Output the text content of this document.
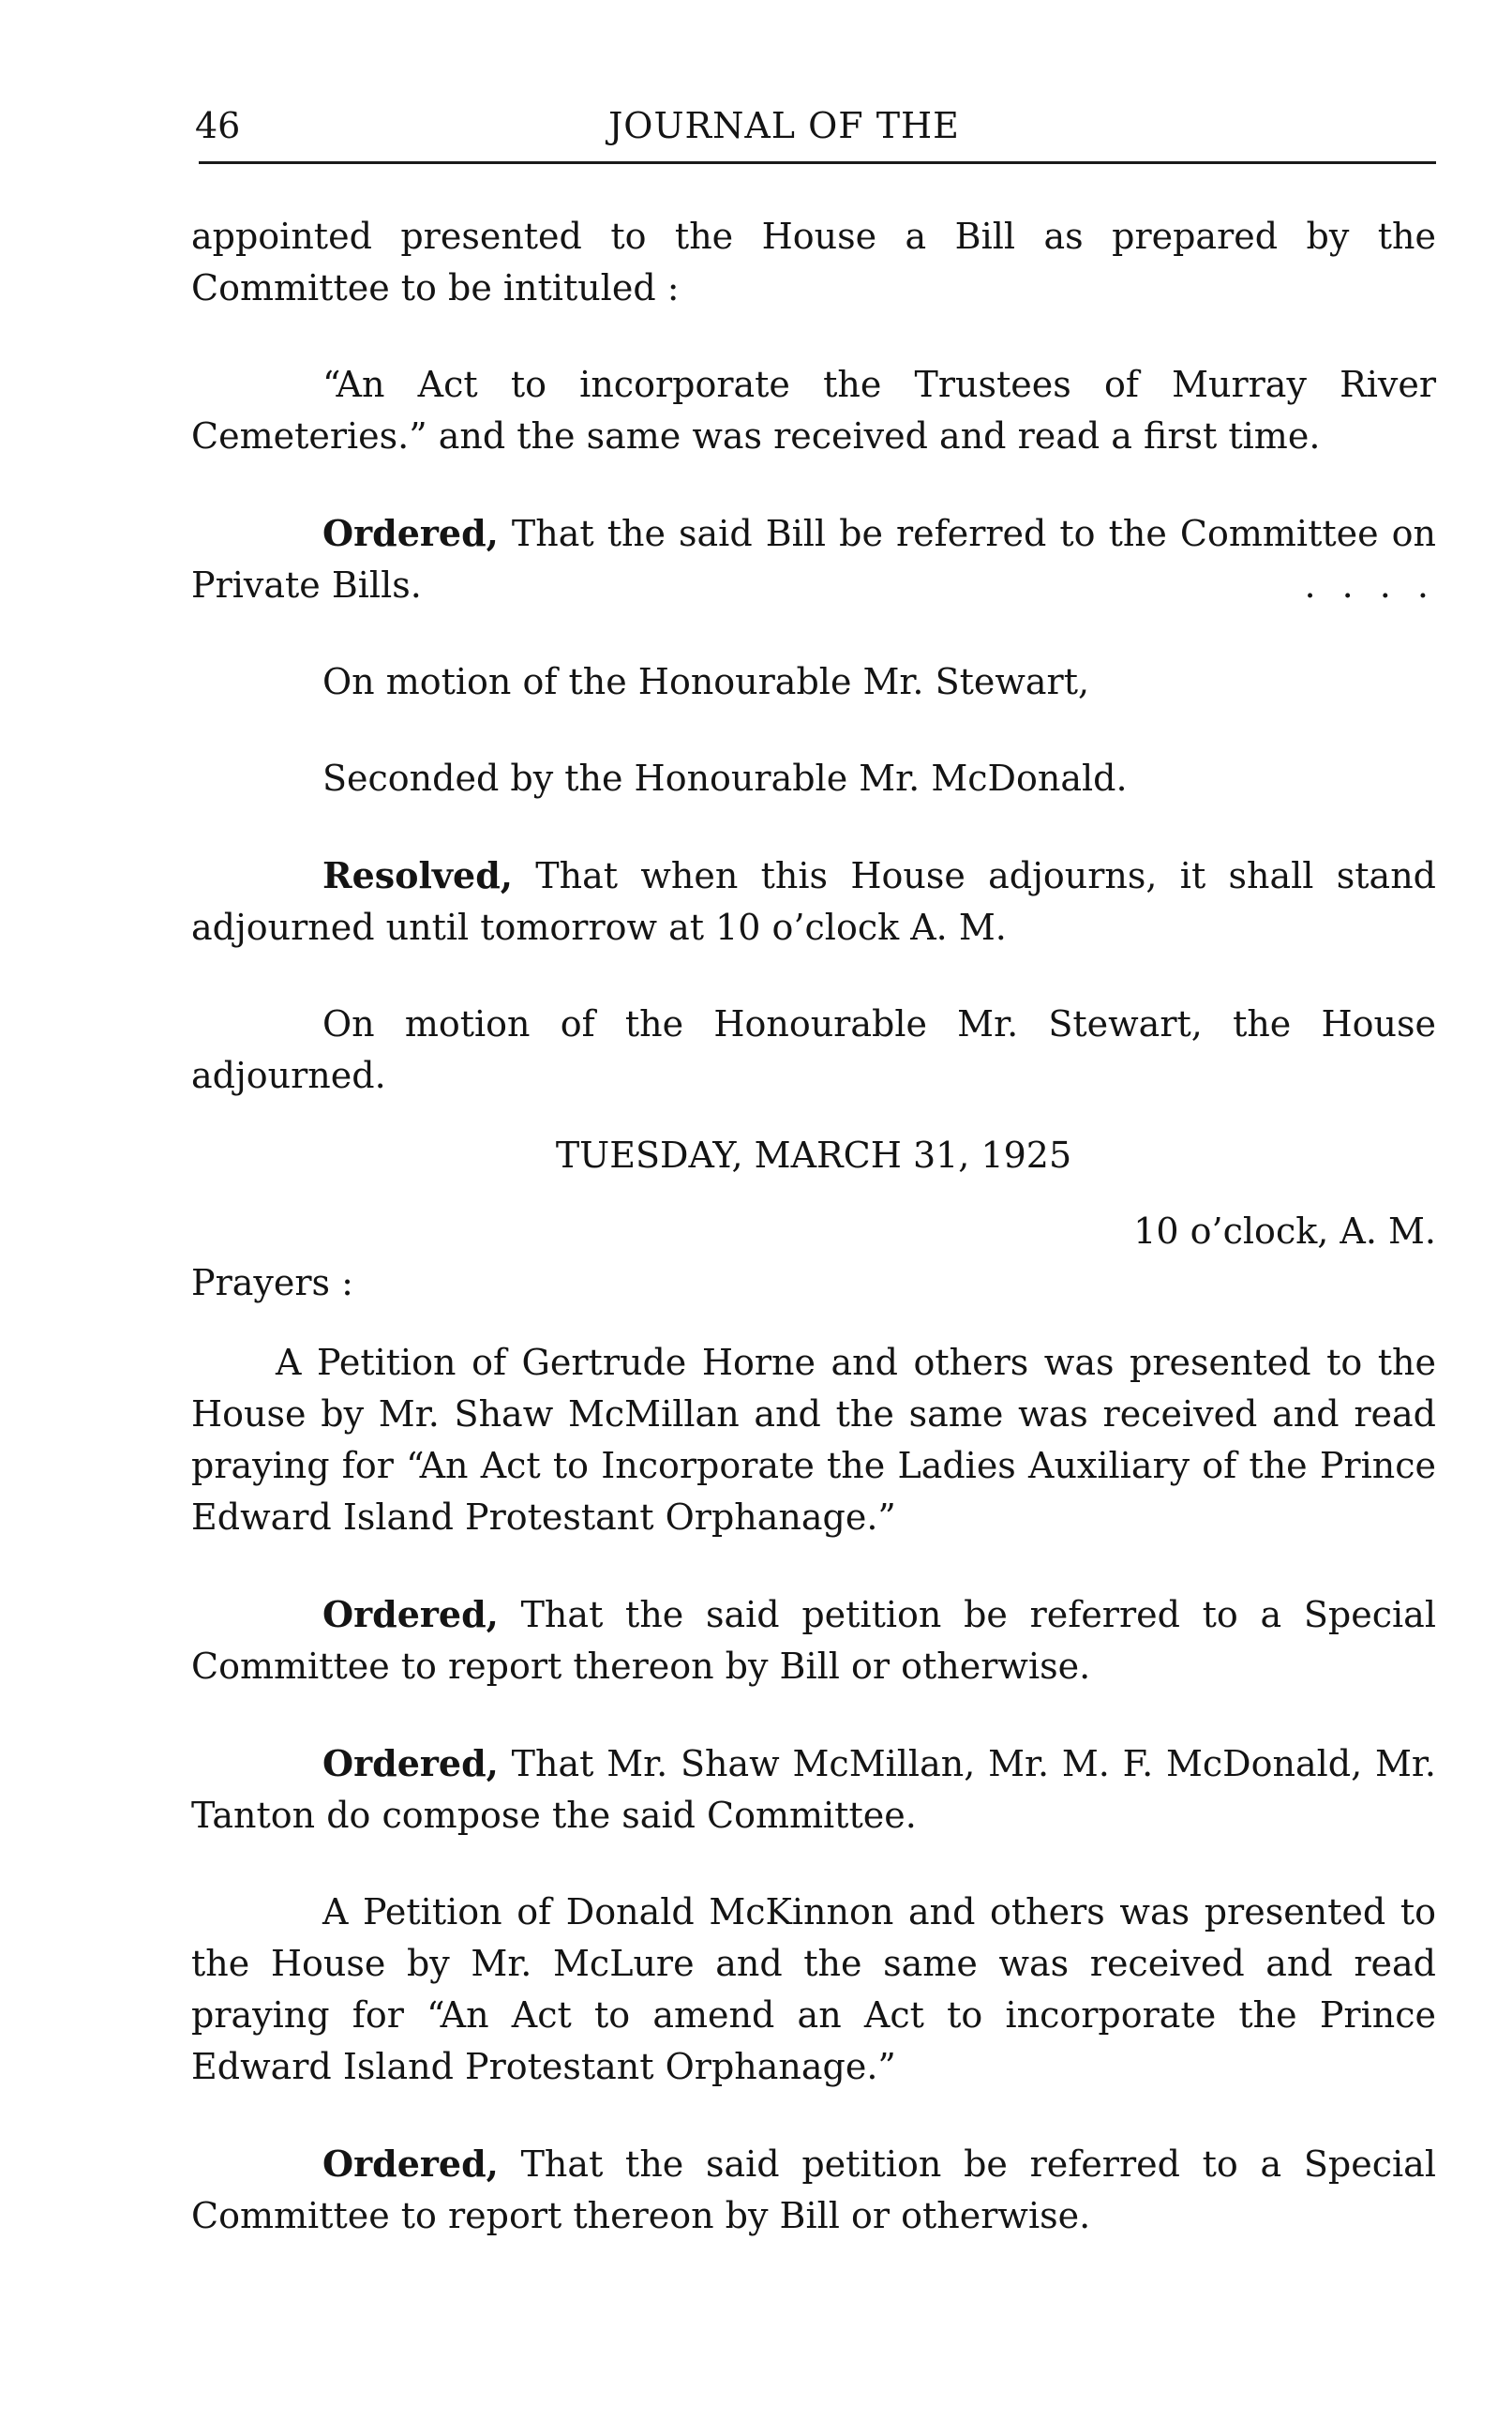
46	JOURNAL OF THE

appointed presented to the House a Bill as prepared by the Committee to be intituled :

“An Act to incorporate the Trustees of Murray River Cemeteries.” and the same was received and read a first time.

Ordered, That the said Bill be referred to the Committee on Private Bills.	. . . .

On motion of the Honourable Mr. Stewart,

Seconded by the Honourable Mr. McDonald.

Resolved, That when this House adjourns, it shall stand adjourned until tomorrow at 10 o’clock A. M.

On motion of the Honourable Mr. Stewart, the House adjourned.

TUESDAY, MARCH 31, 1925

10 o’clock, A. M.

Prayers :

A Petition of Gertrude Horne and others was presented to the House by Mr. Shaw McMillan and the same was received and read praying for “An Act to Incorporate the Ladies Auxiliary of the Prince Edward Island Protestant Orphanage.”

Ordered, That the said petition be referred to a Special Committee to report thereon by Bill or otherwise.

Ordered, That Mr. Shaw McMillan, Mr. M. F. McDonald, Mr. Tanton do compose the said Committee.

A Petition of Donald McKinnon and others was presented to the House by Mr. McLure and the same was received and read praying for “An Act to amend an Act to incorporate the Prince Edward Island Protestant Orphanage.”

Ordered, That the said petition be referred to a Special Committee to report thereon by Bill or otherwise.
